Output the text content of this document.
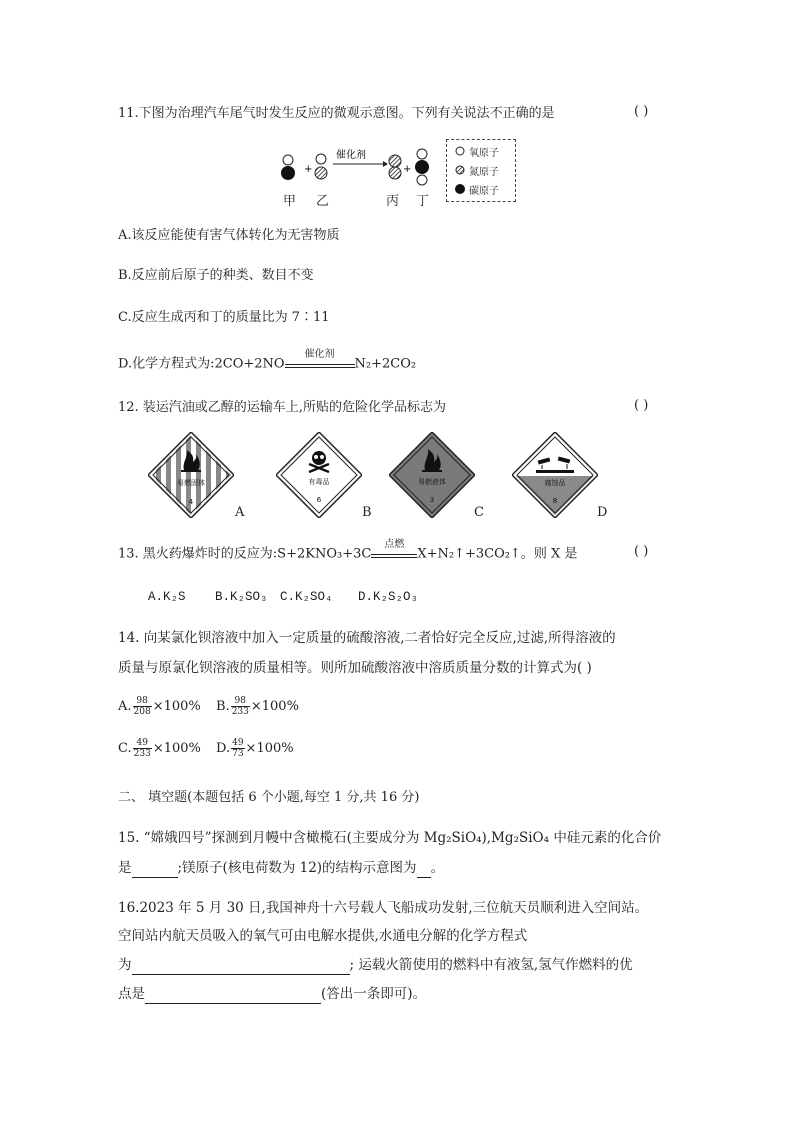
11.下图为治理汽车尾气时发生反应的微观示意图。下列有关说法不正确的是	( )
+
催化剂
+
甲 乙	丙 丁
氧原子
氮原子
碳原子
A.该反应能使有害气体转化为无害物质
B.反应前后原子的种类、数目不变
C.反应生成丙和丁的质量比为 7∶11
D.化学方程式为:2CO+2NO
催化剂
N₂+2CO₂
12. 装运汽油或乙醇的运输车上,所贴的危险化学品标志为	( )
易燃固体
4
A
有毒品
6
B
易燃液体
3
C
腐蚀品
8
D
13. 黑火药爆炸时的反应为:S+2KNO₃+3C
点燃
X+N₂↑+3CO₂↑。则 X 是	( )
A.K₂S B.K₂SO₃ C.K₂SO₄ D.K₂S₂O₃
14. 向某氯化钡溶液中加入一定质量的硫酸溶液,二者恰好完全反应,过滤,所得溶液的
质量与原氯化钡溶液的质量相等。则所加硫酸溶液中溶质质量分数的计算式为( )
A. $\frac{98}{208} \times 100\%$ B. $\frac{98}{233} \times 100\%$
C. $\frac{49}{233} \times 100\%$ D. $\frac{49}{73} \times 100\%$
二、 填空题(本题包括 6 个小题,每空 1 分,共 16 分)
15. “嫦娥四号”探测到月幔中含橄榄石(主要成分为 Mg₂SiO₄),Mg₂SiO₄ 中硅元素的化合价
是	;镁原子(核电荷数为 12)的结构示意图为 。
16.2023 年 5 月 30 日,我国神舟十六号载人飞船成功发射,三位航天员顺利进入空间站。
空间站内航天员吸入的氧气可由电解水提供,水通电分解的化学方程式
为	; 运载火箭使用的燃料中有液氢,氢气作燃料的优
点是	(答出一条即可)。
